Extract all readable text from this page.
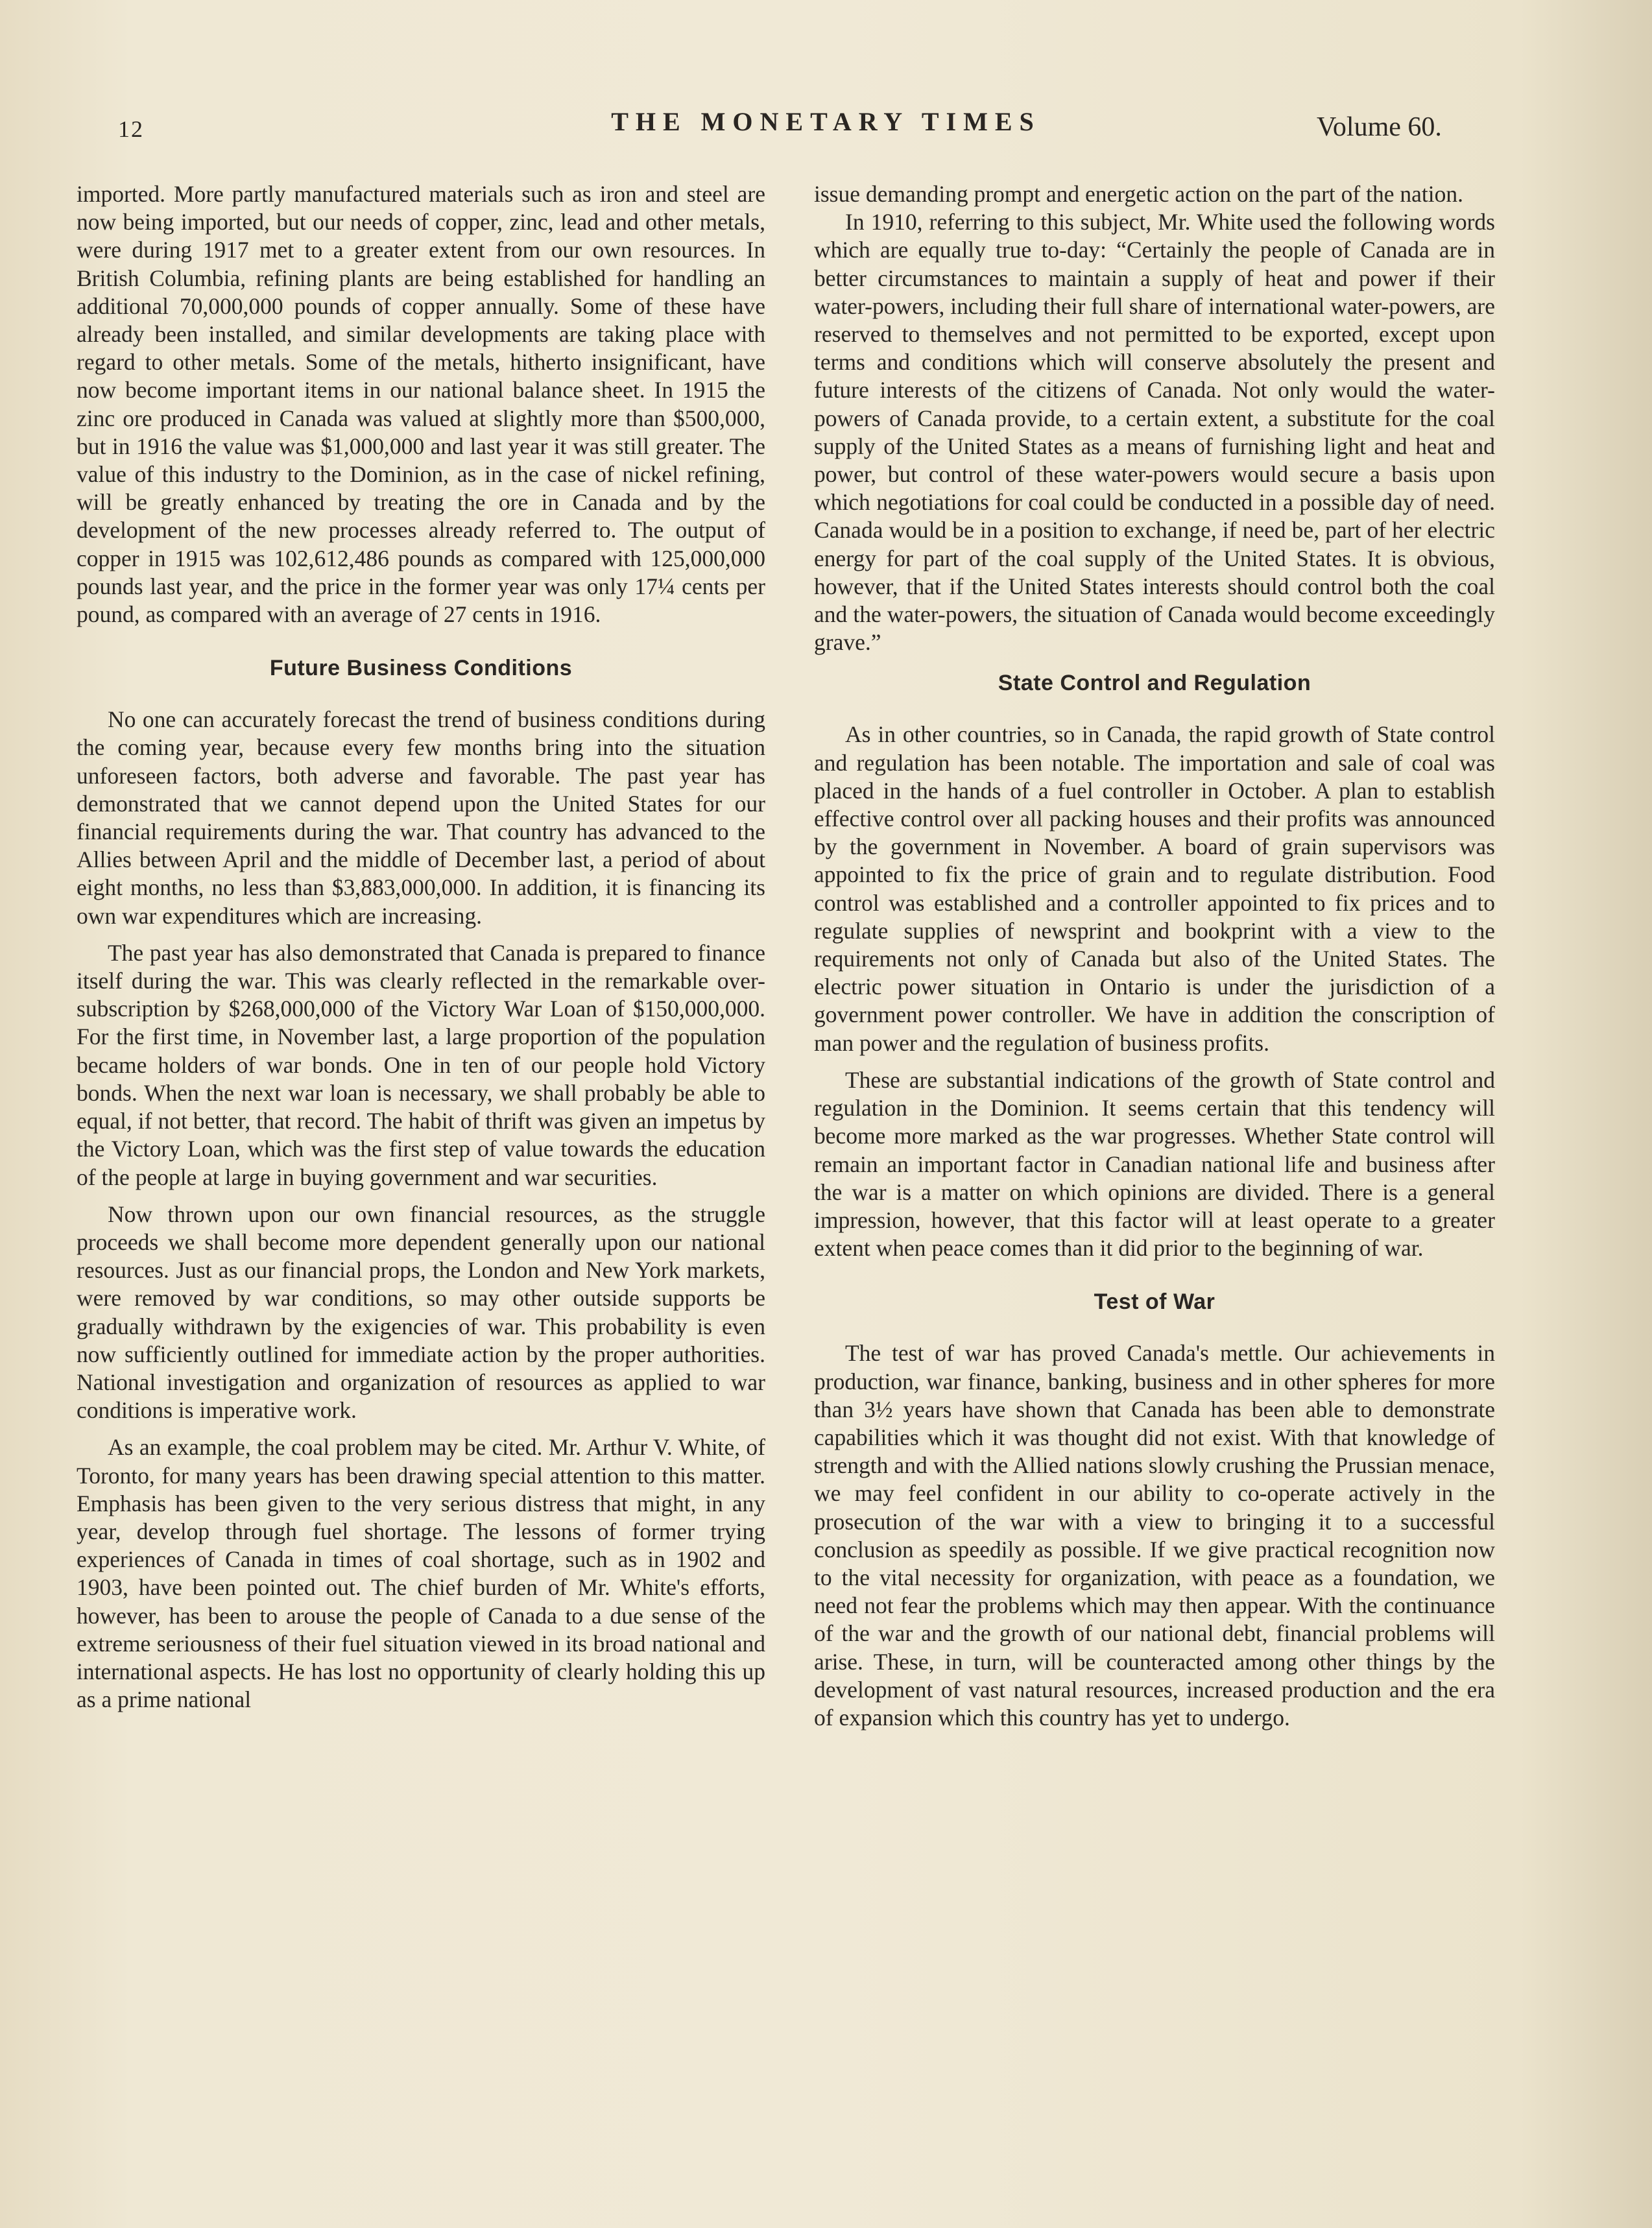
12	THE MONETARY TIMES	Volume 60.

imported. More partly manufactured materials such as iron and steel are now being imported, but our needs of copper, zinc, lead and other metals, were during 1917 met to a greater extent from our own resources. In British Columbia, refining plants are being established for handling an additional 70,000,000 pounds of copper annually. Some of these have already been installed, and similar developments are taking place with regard to other metals. Some of the metals, hitherto insignificant, have now become important items in our national balance sheet. In 1915 the zinc ore produced in Canada was valued at slightly more than $500,000, but in 1916 the value was $1,000,000 and last year it was still greater. The value of this industry to the Dominion, as in the case of nickel refining, will be greatly enhanced by treating the ore in Canada and by the development of the new processes already referred to. The output of copper in 1915 was 102,612,486 pounds as compared with 125,000,000 pounds last year, and the price in the former year was only 17¼ cents per pound, as compared with an average of 27 cents in 1916.

Future Business Conditions

No one can accurately forecast the trend of business conditions during the coming year, because every few months bring into the situation unforeseen factors, both adverse and favorable. The past year has demonstrated that we cannot depend upon the United States for our financial requirements during the war. That country has advanced to the Allies between April and the middle of December last, a period of about eight months, no less than $3,883,000,000. In addition, it is financing its own war expenditures which are increasing.

The past year has also demonstrated that Canada is prepared to finance itself during the war. This was clearly reflected in the remarkable over-subscription by $268,000,000 of the Victory War Loan of $150,000,000. For the first time, in November last, a large proportion of the population became holders of war bonds. One in ten of our people hold Victory bonds. When the next war loan is necessary, we shall probably be able to equal, if not better, that record. The habit of thrift was given an impetus by the Victory Loan, which was the first step of value towards the education of the people at large in buying government and war securities.

Now thrown upon our own financial resources, as the struggle proceeds we shall become more dependent generally upon our national resources. Just as our financial props, the London and New York markets, were removed by war conditions, so may other outside supports be gradually withdrawn by the exigencies of war. This probability is even now sufficiently outlined for immediate action by the proper authorities. National investigation and organization of resources as applied to war conditions is imperative work.

As an example, the coal problem may be cited. Mr. Arthur V. White, of Toronto, for many years has been drawing special attention to this matter. Emphasis has been given to the very serious distress that might, in any year, develop through fuel shortage. The lessons of former trying experiences of Canada in times of coal shortage, such as in 1902 and 1903, have been pointed out. The chief burden of Mr. White's efforts, however, has been to arouse the people of Canada to a due sense of the extreme seriousness of their fuel situation viewed in its broad national and international aspects. He has lost no opportunity of clearly holding this up as a prime national

issue demanding prompt and energetic action on the part of the nation.

In 1910, referring to this subject, Mr. White used the following words which are equally true to-day: “Certainly the people of Canada are in better circumstances to maintain a supply of heat and power if their water-powers, including their full share of international water-powers, are reserved to themselves and not permitted to be exported, except upon terms and conditions which will conserve absolutely the present and future interests of the citizens of Canada. Not only would the water-powers of Canada provide, to a certain extent, a substitute for the coal supply of the United States as a means of furnishing light and heat and power, but control of these water-powers would secure a basis upon which negotiations for coal could be conducted in a possible day of need. Canada would be in a position to exchange, if need be, part of her electric energy for part of the coal supply of the United States. It is obvious, however, that if the United States interests should control both the coal and the water-powers, the situation of Canada would become exceedingly grave.”

State Control and Regulation

As in other countries, so in Canada, the rapid growth of State control and regulation has been notable. The importation and sale of coal was placed in the hands of a fuel controller in October. A plan to establish effective control over all packing houses and their profits was announced by the government in November. A board of grain supervisors was appointed to fix the price of grain and to regulate distribution. Food control was established and a controller appointed to fix prices and to regulate supplies of newsprint and bookprint with a view to the requirements not only of Canada but also of the United States. The electric power situation in Ontario is under the jurisdiction of a government power controller. We have in addition the conscription of man power and the regulation of business profits.

These are substantial indications of the growth of State control and regulation in the Dominion. It seems certain that this tendency will become more marked as the war progresses. Whether State control will remain an important factor in Canadian national life and business after the war is a matter on which opinions are divided. There is a general impression, however, that this factor will at least operate to a greater extent when peace comes than it did prior to the beginning of war.

Test of War

The test of war has proved Canada's mettle. Our achievements in production, war finance, banking, business and in other spheres for more than 3½ years have shown that Canada has been able to demonstrate capabilities which it was thought did not exist. With that knowledge of strength and with the Allied nations slowly crushing the Prussian menace, we may feel confident in our ability to co-operate actively in the prosecution of the war with a view to bringing it to a successful conclusion as speedily as possible. If we give practical recognition now to the vital necessity for organization, with peace as a foundation, we need not fear the problems which may then appear. With the continuance of the war and the growth of our national debt, financial problems will arise. These, in turn, will be counteracted among other things by the development of vast natural resources, increased production and the era of expansion which this country has yet to undergo.
